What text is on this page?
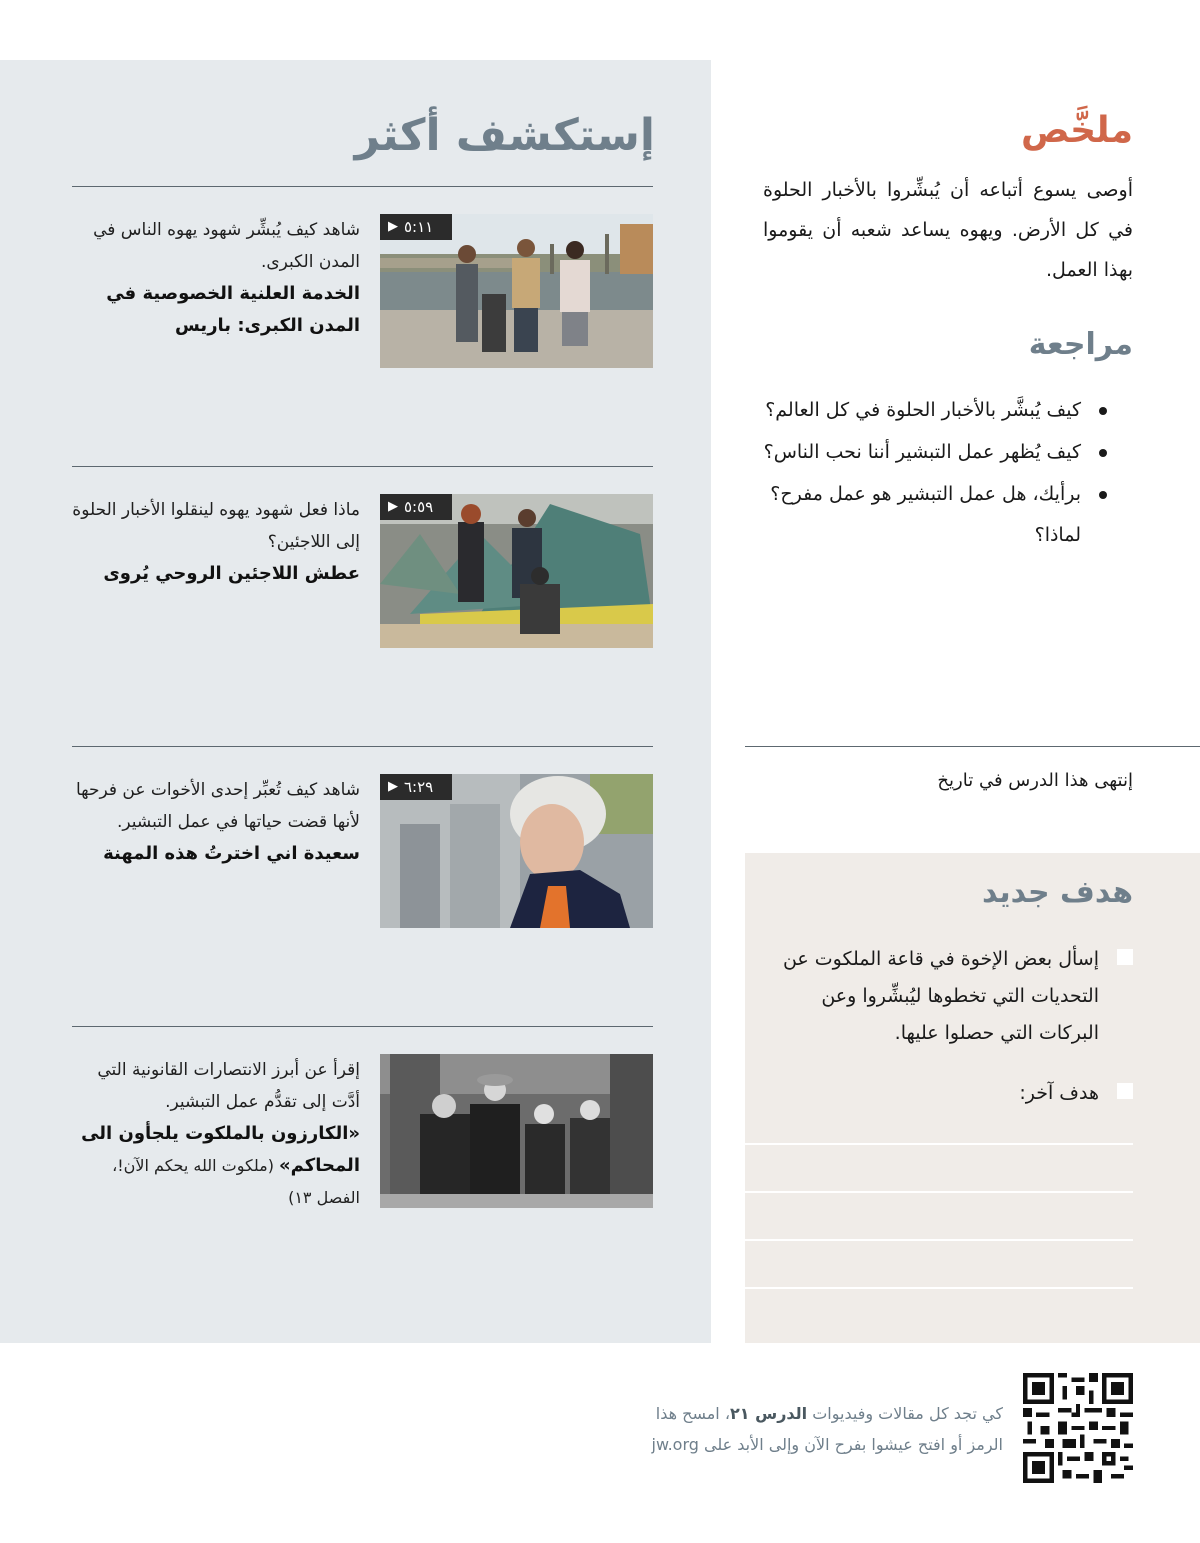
إستكشف أكثر
▶ ٥:١١
شاهد كيف يُبشِّر شهود يهوه الناس في المدن الكبرى.
الخدمة العلنية الخصوصية في المدن الكبرى: باريس
▶ ٥:٥٩
ماذا فعل شهود يهوه لينقلوا الأخبار الحلوة إلى اللاجئين؟
عطش اللاجئين الروحي يُروى
▶ ٦:٢٩
شاهد كيف تُعبِّر إحدى الأخوات عن فرحها لأنها قضت حياتها في عمل التبشير.
سعيدة اني اخترتُ هذه المهنة
إقرأ عن أبرز الانتصارات القانونية التي أدَّت إلى تقدُّم عمل التبشير.
«الكارزون بالملكوت يلجأون الى المحاكم» (ملكوت الله يحكم الآن!، الفصل ١٣)
ملخَّص

أوصى يسوع أتباعه أن يُبشِّروا بالأخبار الحلوة في كل الأرض. ويهوه يساعد شعبه أن يقوموا بهذا العمل.

مراجعة
كيف يُبشَّر بالأخبار الحلوة في كل العالم؟
كيف يُظهر عمل التبشير أننا نحب الناس؟
برأيك، هل عمل التبشير هو عمل مفرح؟ لماذا؟

إنتهى هذا الدرس في تاريخ

هدف جديد
إسأل بعض الإخوة في قاعة الملكوت عن التحديات التي تخطوها ليُبشِّروا وعن البركات التي حصلوا عليها.
هدف آخر:

كي تجد كل مقالات وفيديوات الدرس ٢١، امسح هذا الرمز أو افتح عيشوا بفرح الآن وإلى الأبد على jw.org
